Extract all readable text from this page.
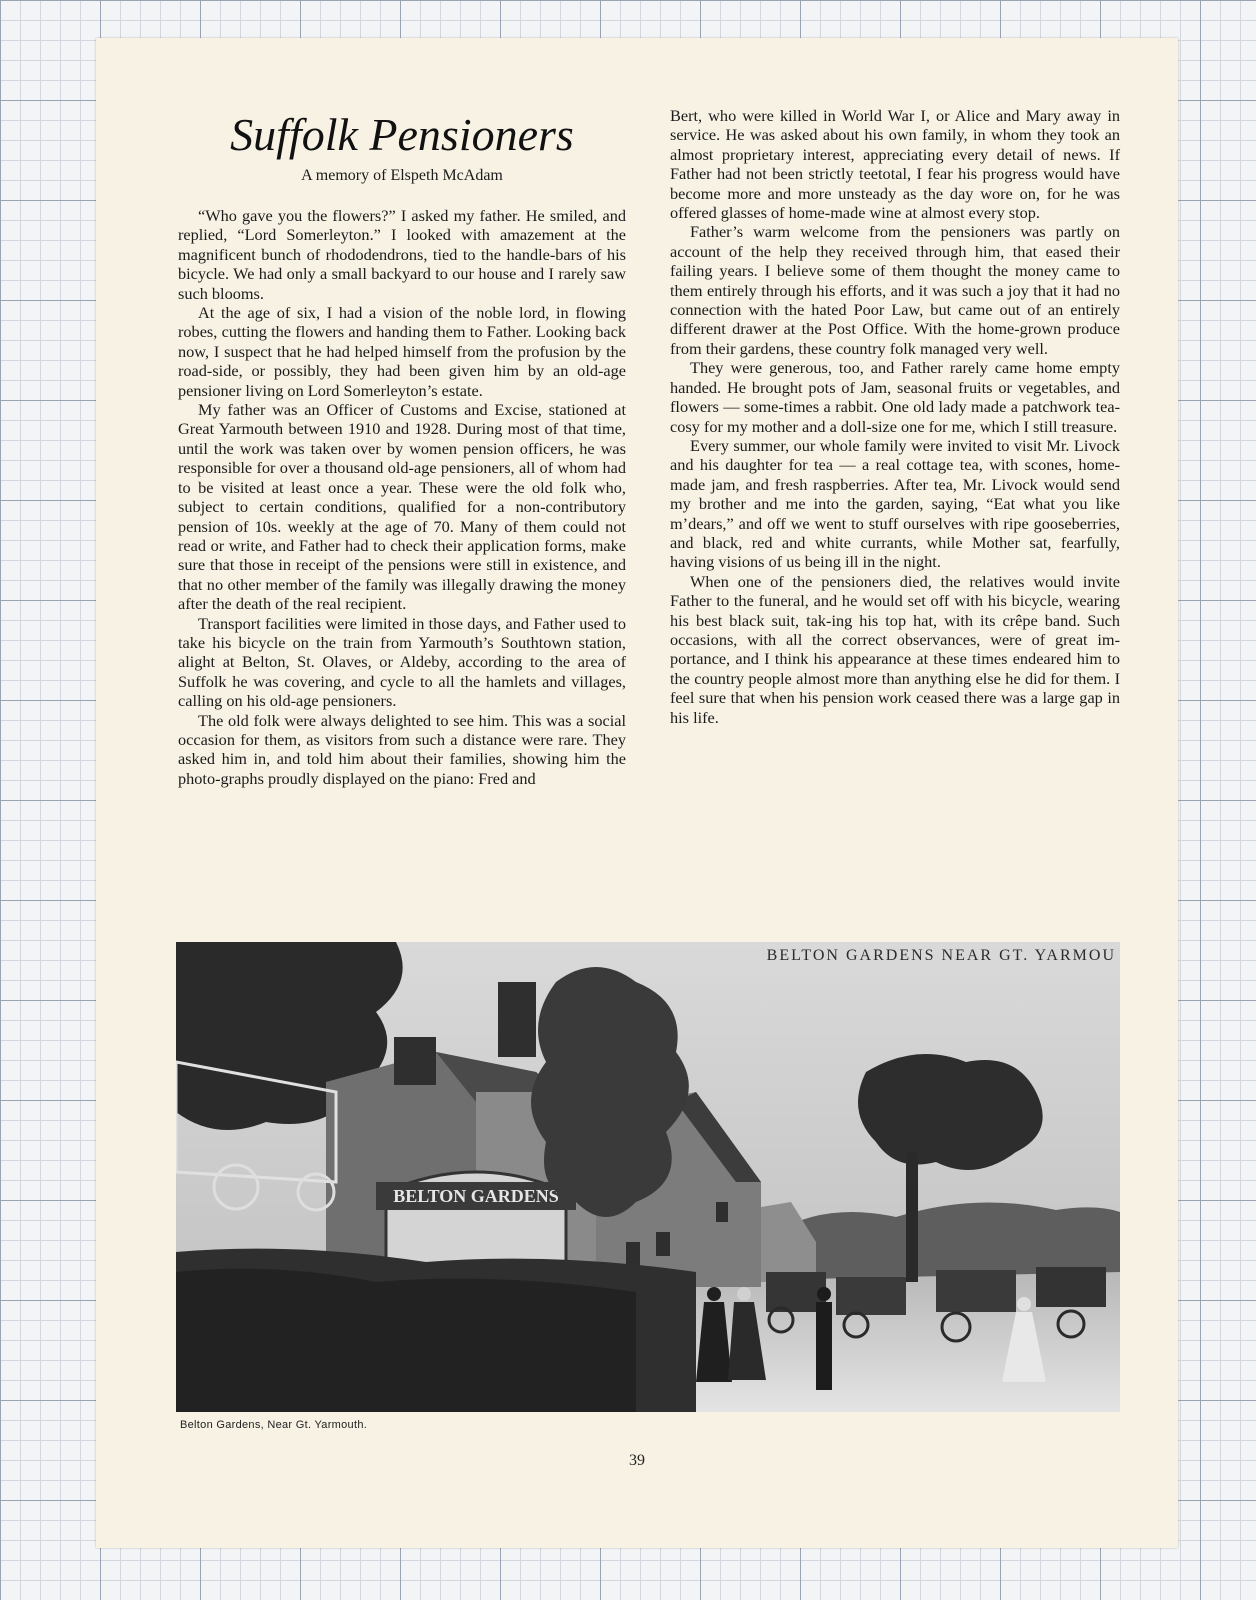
Suffolk Pensioners
A memory of Elspeth McAdam

“Who gave you the flowers?” I asked my father. He smiled, and replied, “Lord Somerleyton.” I looked with amazement at the magnificent bunch of rhododendrons, tied to the handle-bars of his bicycle. We had only a small backyard to our house and I rarely saw such blooms.

At the age of six, I had a vision of the noble lord, in flowing robes, cutting the flowers and handing them to Father. Looking back now, I suspect that he had helped himself from the profusion by the road-side, or possibly, they had been given him by an old-age pensioner living on Lord Somerleyton’s estate.

My father was an Officer of Customs and Excise, stationed at Great Yarmouth between 1910 and 1928. During most of that time, until the work was taken over by women pension officers, he was responsible for over a thousand old-age pensioners, all of whom had to be visited at least once a year. These were the old folk who, subject to certain conditions, qualified for a non-contributory pension of 10s. weekly at the age of 70. Many of them could not read or write, and Father had to check their application forms, make sure that those in receipt of the pensions were still in existence, and that no other member of the family was illegally drawing the money after the death of the real recipient.

Transport facilities were limited in those days, and Father used to take his bicycle on the train from Yarmouth’s Southtown station, alight at Belton, St. Olaves, or Aldeby, according to the area of Suffolk he was covering, and cycle to all the hamlets and villages, calling on his old-age pensioners.

The old folk were always delighted to see him. This was a social occasion for them, as visitors from such a distance were rare. They asked him in, and told him about their families, showing him the photo-graphs proudly displayed on the piano: Fred and

Bert, who were killed in World War I, or Alice and Mary away in service. He was asked about his own family, in whom they took an almost proprietary interest, appreciating every detail of news. If Father had not been strictly teetotal, I fear his progress would have become more and more unsteady as the day wore on, for he was offered glasses of home-made wine at almost every stop.

Father’s warm welcome from the pensioners was partly on account of the help they received through him, that eased their failing years. I believe some of them thought the money came to them entirely through his efforts, and it was such a joy that it had no connection with the hated Poor Law, but came out of an entirely different drawer at the Post Office. With the home-grown produce from their gardens, these country folk managed very well.

They were generous, too, and Father rarely came home empty handed. He brought pots of Jam, seasonal fruits or vegetables, and flowers — some-times a rabbit. One old lady made a patchwork tea-cosy for my mother and a doll-size one for me, which I still treasure.

Every summer, our whole family were invited to visit Mr. Livock and his daughter for tea — a real cottage tea, with scones, home-made jam, and fresh raspberries. After tea, Mr. Livock would send my brother and me into the garden, saying, “Eat what you like m’dears,” and off we went to stuff ourselves with ripe gooseberries, and black, red and white currants, while Mother sat, fearfully, having visions of us being ill in the night.

When one of the pensioners died, the relatives would invite Father to the funeral, and he would set off with his bicycle, wearing his best black suit, tak-ing his top hat, with its crêpe band. Such occasions, with all the correct observances, were of great im-portance, and I think his appearance at these times endeared him to the country people almost more than anything else he did for them. I feel sure that when his pension work ceased there was a large gap in his life.

BELTON GARDENS
BELTON GARDENS NEAR GT. YARMOU
Belton Gardens, Near Gt. Yarmouth.
39
